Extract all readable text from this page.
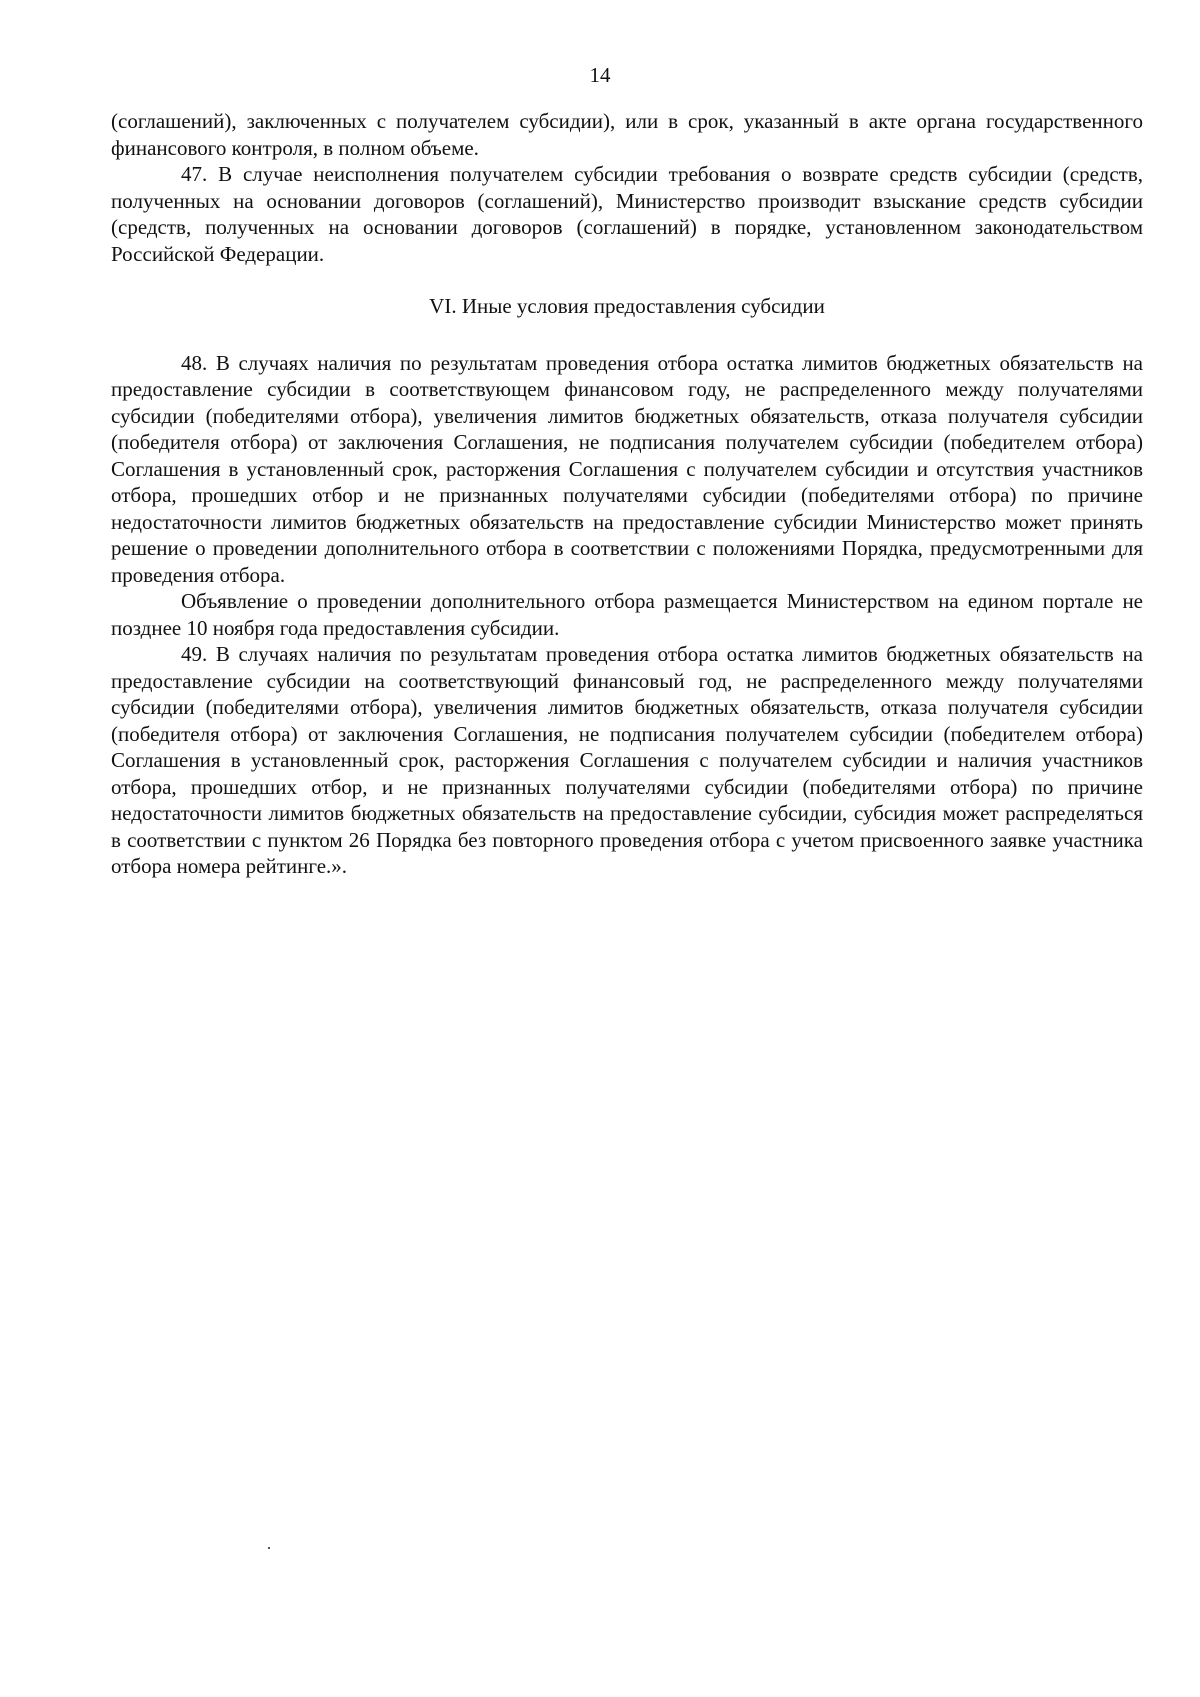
14

(соглашений), заключенных с получателем субсидии), или в срок, указанный в акте органа государственного финансового контроля, в полном объеме.

47. В случае неисполнения получателем субсидии требования о возврате средств субсидии (средств, полученных на основании договоров (соглашений), Министерство производит взыскание средств субсидии (средств, полученных на основании договоров (соглашений) в порядке, установленном законодательством Российской Федерации.

VI. Иные условия предоставления субсидии

48. В случаях наличия по результатам проведения отбора остатка лимитов бюджетных обязательств на предоставление субсидии в соответствующем финансовом году, не распределенного между получателями субсидии (победителями отбора), увеличения лимитов бюджетных обязательств, отказа получателя субсидии (победителя отбора) от заключения Соглашения, не подписания получателем субсидии (победителем отбора) Соглашения в установленный срок, расторжения Соглашения с получателем субсидии и отсутствия участников отбора, прошедших отбор и не признанных получателями субсидии (победителями отбора) по причине недостаточности лимитов бюджетных обязательств на предоставление субсидии Министерство может принять решение о проведении дополнительного отбора в соответствии с положениями Порядка, предусмотренными для проведения отбора.

Объявление о проведении дополнительного отбора размещается Министерством на едином портале не позднее 10 ноября года предоставления субсидии.

49. В случаях наличия по результатам проведения отбора остатка лимитов бюджетных обязательств на предоставление субсидии на соответствующий финансовый год, не распределенного между получателями субсидии (победителями отбора), увеличения лимитов бюджетных обязательств, отказа получателя субсидии (победителя отбора) от заключения Соглашения, не подписания получателем субсидии (победителем отбора) Соглашения в установленный срок, расторжения Соглашения с получателем субсидии и наличия участников отбора, прошедших отбор, и не признанных получателями субсидии (победителями отбора) по причине недостаточности лимитов бюджетных обязательств на предоставление субсидии, субсидия может распределяться в соответствии с пунктом 26 Порядка без повторного проведения отбора с учетом присвоенного заявке участника отбора номера рейтинге.».
